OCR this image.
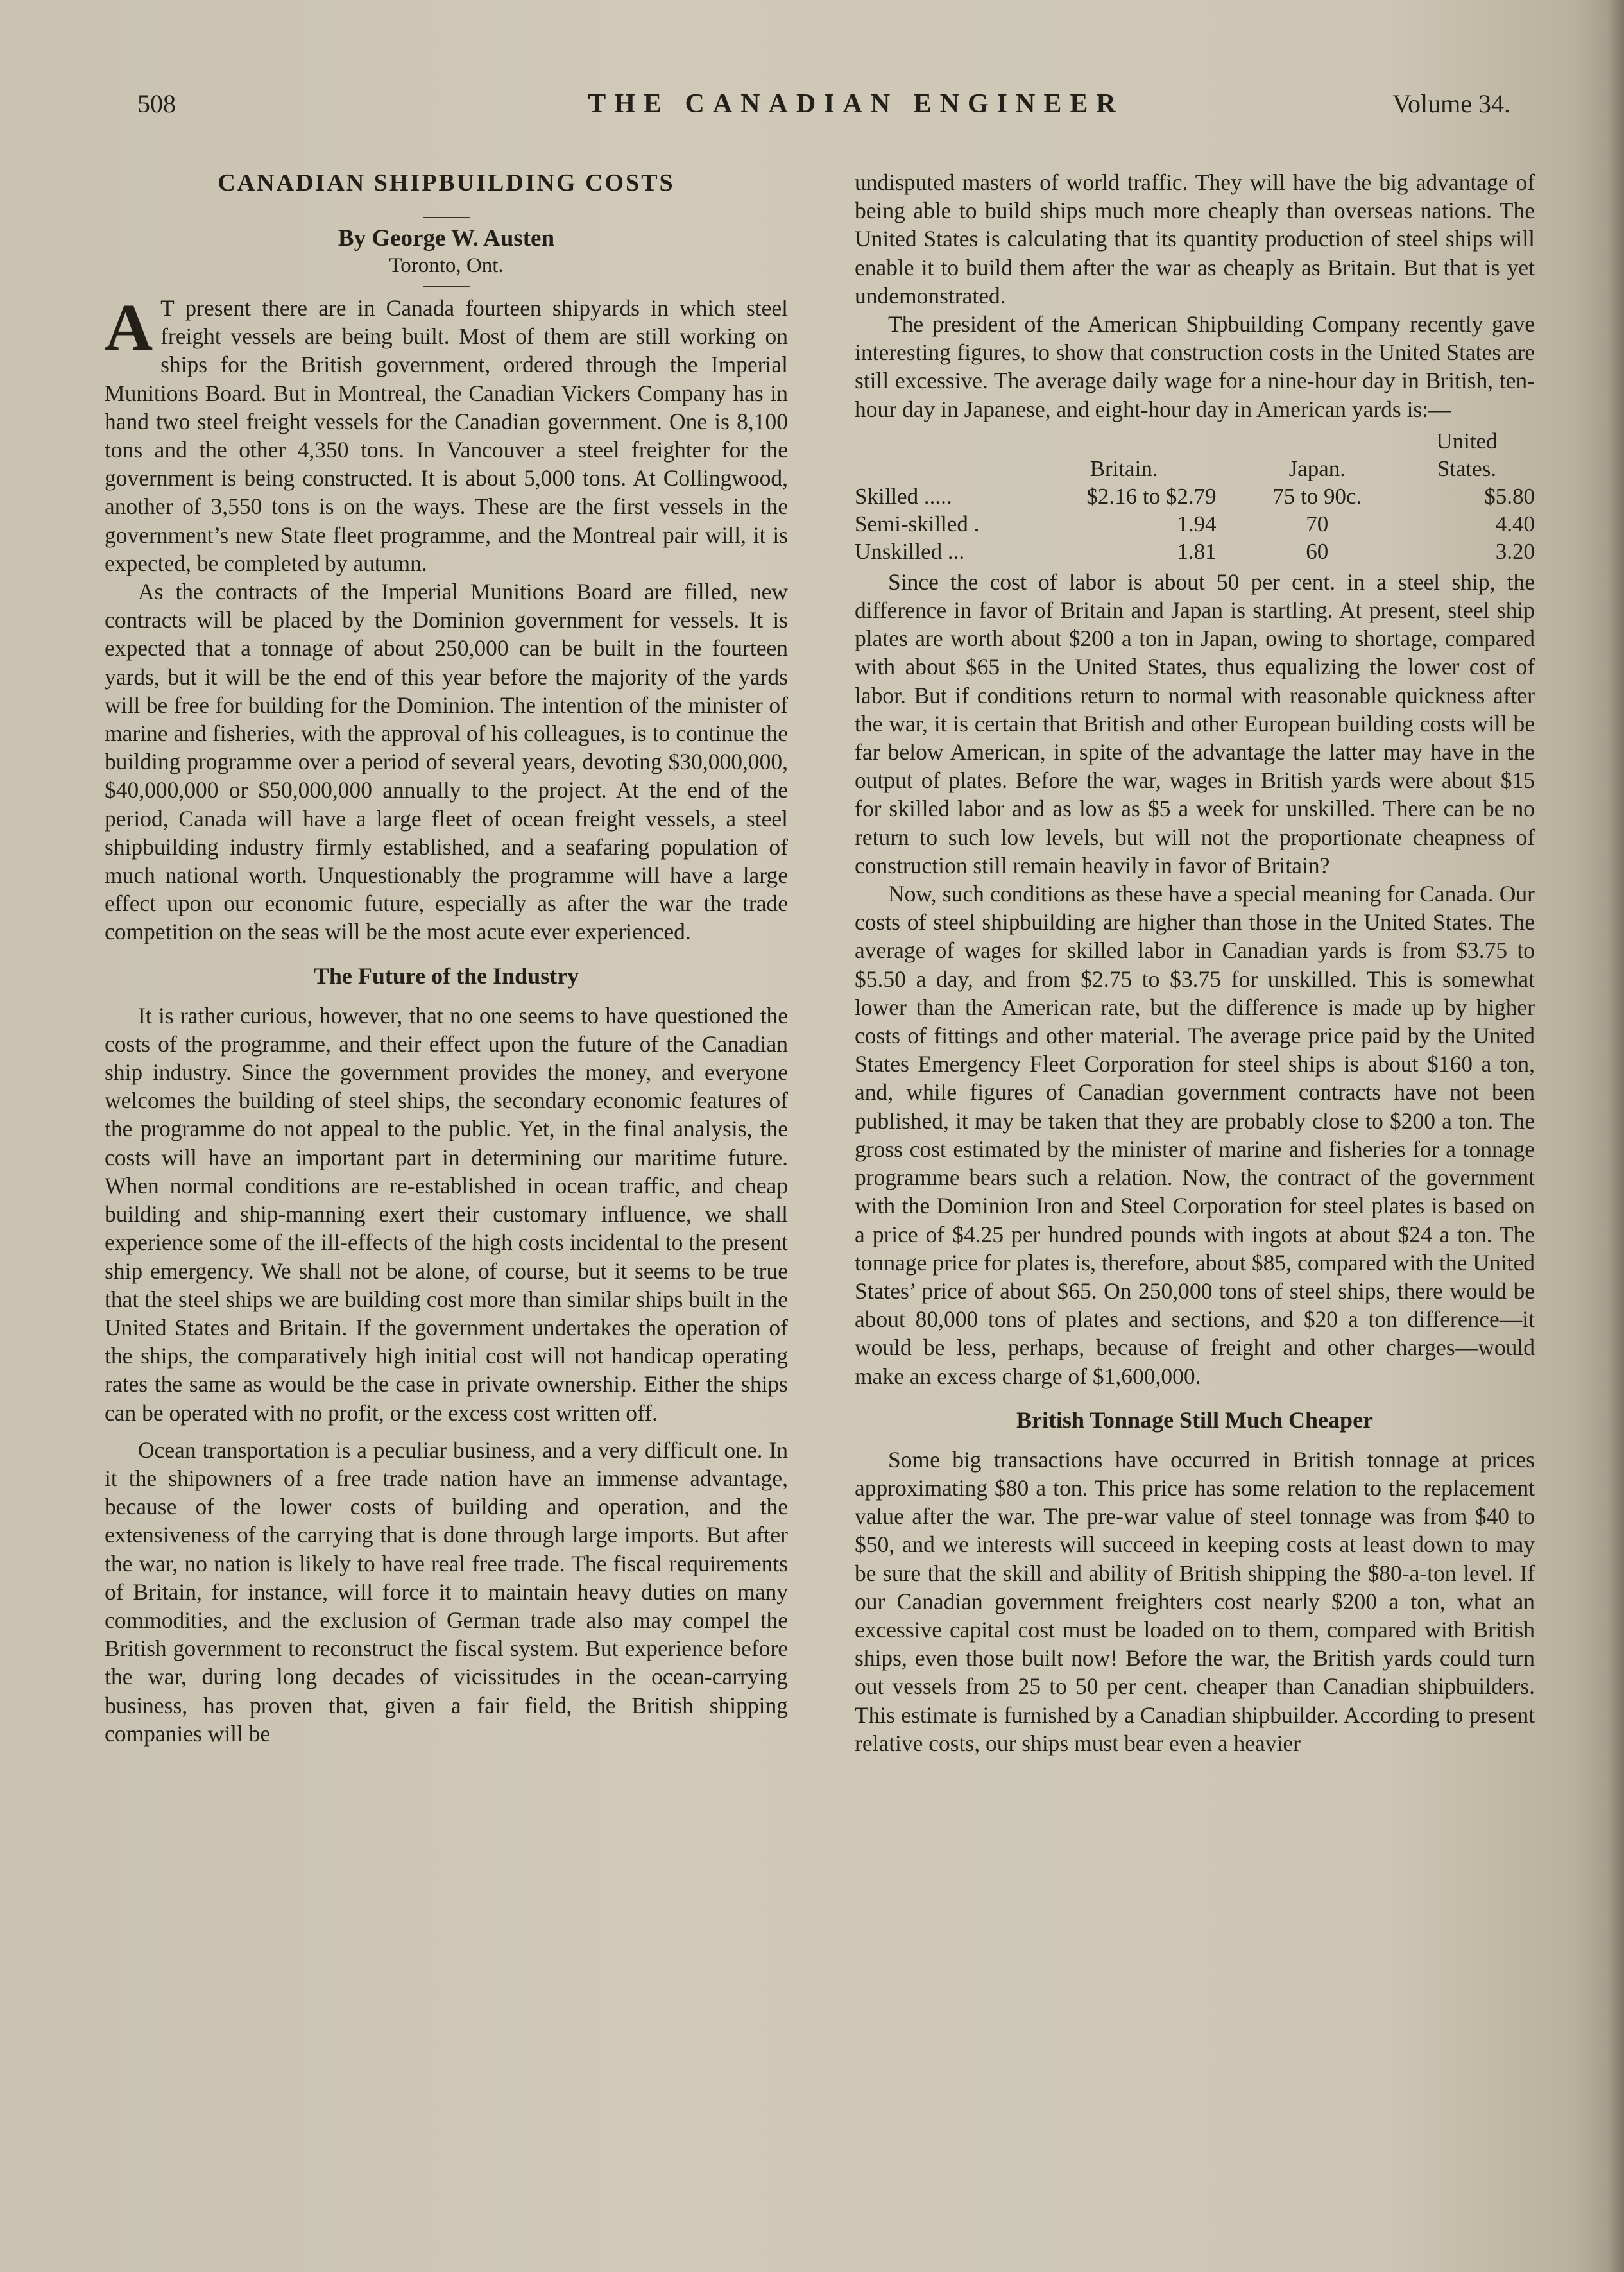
508	THE CANADIAN ENGINEER	Volume 34.
CANADIAN SHIPBUILDING COSTS
By George W. Austen
Toronto, Ont.

A T present there are in Canada fourteen shipyards in which steel freight vessels are being built. Most of them are still working on ships for the British government, ordered through the Imperial Munitions Board. But in Montreal, the Canadian Vickers Company has in hand two steel freight vessels for the Canadian government. One is 8,100 tons and the other 4,350 tons. In Vancouver a steel freighter for the government is being constructed. It is about 5,000 tons. At Collingwood, another of 3,550 tons is on the ways. These are the first vessels in the government’s new State fleet programme, and the Montreal pair will, it is expected, be completed by autumn.

As the contracts of the Imperial Munitions Board are filled, new contracts will be placed by the Dominion government for vessels. It is expected that a tonnage of about 250,000 can be built in the fourteen yards, but it will be the end of this year before the majority of the yards will be free for building for the Dominion. The intention of the minister of marine and fisheries, with the approval of his colleagues, is to continue the building programme over a period of several years, devoting $30,000,000, $40,000,000 or $50,000,000 annually to the project. At the end of the period, Canada will have a large fleet of ocean freight vessels, a steel shipbuilding industry firmly established, and a seafaring population of much national worth. Unquestionably the programme will have a large effect upon our economic future, especially as after the war the trade competition on the seas will be the most acute ever experienced.

The Future of the Industry

It is rather curious, however, that no one seems to have questioned the costs of the programme, and their effect upon the future of the Canadian ship industry. Since the government provides the money, and everyone welcomes the building of steel ships, the secondary economic features of the programme do not appeal to the public. Yet, in the final analysis, the costs will have an important part in determining our maritime future. When normal conditions are re-established in ocean traffic, and cheap building and ship-manning exert their customary influence, we shall experience some of the ill-effects of the high costs incidental to the present ship emergency. We shall not be alone, of course, but it seems to be true that the steel ships we are building cost more than similar ships built in the United States and Britain. If the government undertakes the operation of the ships, the comparatively high initial cost will not handicap operating rates the same as would be the case in private ownership. Either the ships can be operated with no profit, or the excess cost written off.

Ocean transportation is a peculiar business, and a very difficult one. In it the shipowners of a free trade nation have an immense advantage, because of the lower costs of building and operation, and the extensiveness of the carrying that is done through large imports. But after the war, no nation is likely to have real free trade. The fiscal requirements of Britain, for instance, will force it to maintain heavy duties on many commodities, and the exclusion of German trade also may compel the British government to reconstruct the fiscal system. But experience before the war, during long decades of vicissitudes in the ocean-carrying business, has proven that, given a fair field, the British shipping companies will be

undisputed masters of world traffic. They will have the big advantage of being able to build ships much more cheaply than overseas nations. The United States is calculating that its quantity production of steel ships will enable it to build them after the war as cheaply as Britain. But that is yet undemonstrated.

The president of the American Shipbuilding Company recently gave interesting figures, to show that construction costs in the United States are still excessive. The average daily wage for a nine-hour day in British, ten-hour day in Japanese, and eight-hour day in American yards is:—

			United
	Britain.	Japan.	States.
Skilled .....	$2.16 to $2.79	75 to 90c.	$5.80
Semi-skilled .	1.94	70	4.40
Unskilled ...	1.81	60	3.20

Since the cost of labor is about 50 per cent. in a steel ship, the difference in favor of Britain and Japan is startling. At present, steel ship plates are worth about $200 a ton in Japan, owing to shortage, compared with about $65 in the United States, thus equalizing the lower cost of labor. But if conditions return to normal with reasonable quickness after the war, it is certain that British and other European building costs will be far below American, in spite of the advantage the latter may have in the output of plates. Before the war, wages in British yards were about $15 for skilled labor and as low as $5 a week for unskilled. There can be no return to such low levels, but will not the proportionate cheapness of construction still remain heavily in favor of Britain?

Now, such conditions as these have a special meaning for Canada. Our costs of steel shipbuilding are higher than those in the United States. The average of wages for skilled labor in Canadian yards is from $3.75 to $5.50 a day, and from $2.75 to $3.75 for unskilled. This is somewhat lower than the American rate, but the difference is made up by higher costs of fittings and other material. The average price paid by the United States Emergency Fleet Corporation for steel ships is about $160 a ton, and, while figures of Canadian government contracts have not been published, it may be taken that they are probably close to $200 a ton. The gross cost estimated by the minister of marine and fisheries for a tonnage programme bears such a relation. Now, the contract of the government with the Dominion Iron and Steel Corporation for steel plates is based on a price of $4.25 per hundred pounds with ingots at about $24 a ton. The tonnage price for plates is, therefore, about $85, compared with the United States’ price of about $65. On 250,000 tons of steel ships, there would be about 80,000 tons of plates and sections, and $20 a ton difference—it would be less, perhaps, because of freight and other charges—would make an excess charge of $1,600,000.

British Tonnage Still Much Cheaper

Some big transactions have occurred in British tonnage at prices approximating $80 a ton. This price has some relation to the replacement value after the war. The pre-war value of steel tonnage was from $40 to $50, and we interests will succeed in keeping costs at least down to may be sure that the skill and ability of British shipping the $80-a-ton level. If our Canadian government freighters cost nearly $200 a ton, what an excessive capital cost must be loaded on to them, compared with British ships, even those built now! Before the war, the British yards could turn out vessels from 25 to 50 per cent. cheaper than Canadian shipbuilders. This estimate is furnished by a Canadian shipbuilder. According to present relative costs, our ships must bear even a heavier
